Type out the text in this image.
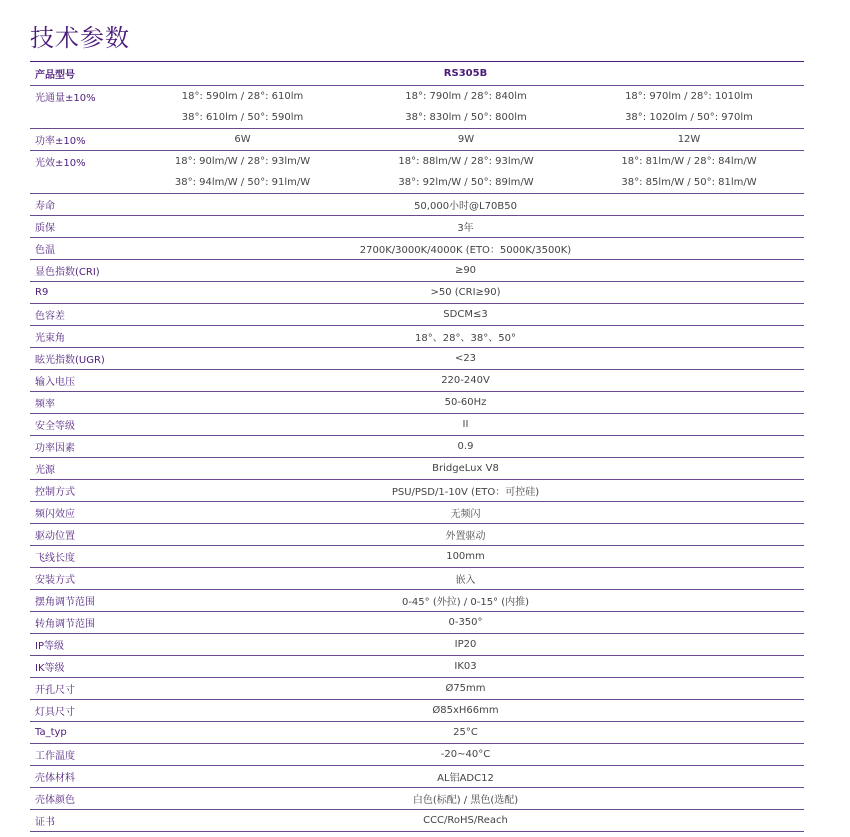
技术参数
产品型号	RS305B		
光通量±10%	18°: 590lm / 28°: 610lm	18°: 790lm / 28°: 840lm	18°: 970lm / 28°: 1010lm
	38°: 610lm / 50°: 590lm	38°: 830lm / 50°: 800lm	38°: 1020lm / 50°: 970lm
功率±10%	6W	9W	12W
光效±10%	18°: 90lm/W / 28°: 93lm/W	18°: 88lm/W / 28°: 93lm/W	18°: 81lm/W / 28°: 84lm/W
	38°: 94lm/W / 50°: 91lm/W	38°: 92lm/W / 50°: 89lm/W	38°: 85lm/W / 50°: 81lm/W
寿命	50,000小时@L70B50		
质保	3年		
色温	2700K/3000K/4000K (ETO：5000K/3500K)		
显色指数(CRI)	≥90		
R9	>50 (CRI≥90)		
色容差	SDCM≤3		
光束角	18°、28°、38°、50°		
眩光指数(UGR)	<23		
输入电压	220-240V		
频率	50-60Hz		
安全等级	II		
功率因素	0.9		
光源	BridgeLux V8		
控制方式	PSU/PSD/1-10V (ETO：可控硅)		
频闪效应	无频闪		
驱动位置	外置驱动		
飞线长度	100mm		
安装方式	嵌入		
摆角调节范围	0-45° (外拉) / 0-15° (内推)		
转角调节范围	0-350°		
IP等级	IP20		
IK等级	IK03		
开孔尺寸	Ø75mm		
灯具尺寸	Ø85xH66mm		
Ta_typ	25°C		
工作温度	-20~40°C		
壳体材料	AL铝ADC12		
壳体颜色	白色(标配) / 黑色(选配)		
证书	CCC/RoHS/Reach		
